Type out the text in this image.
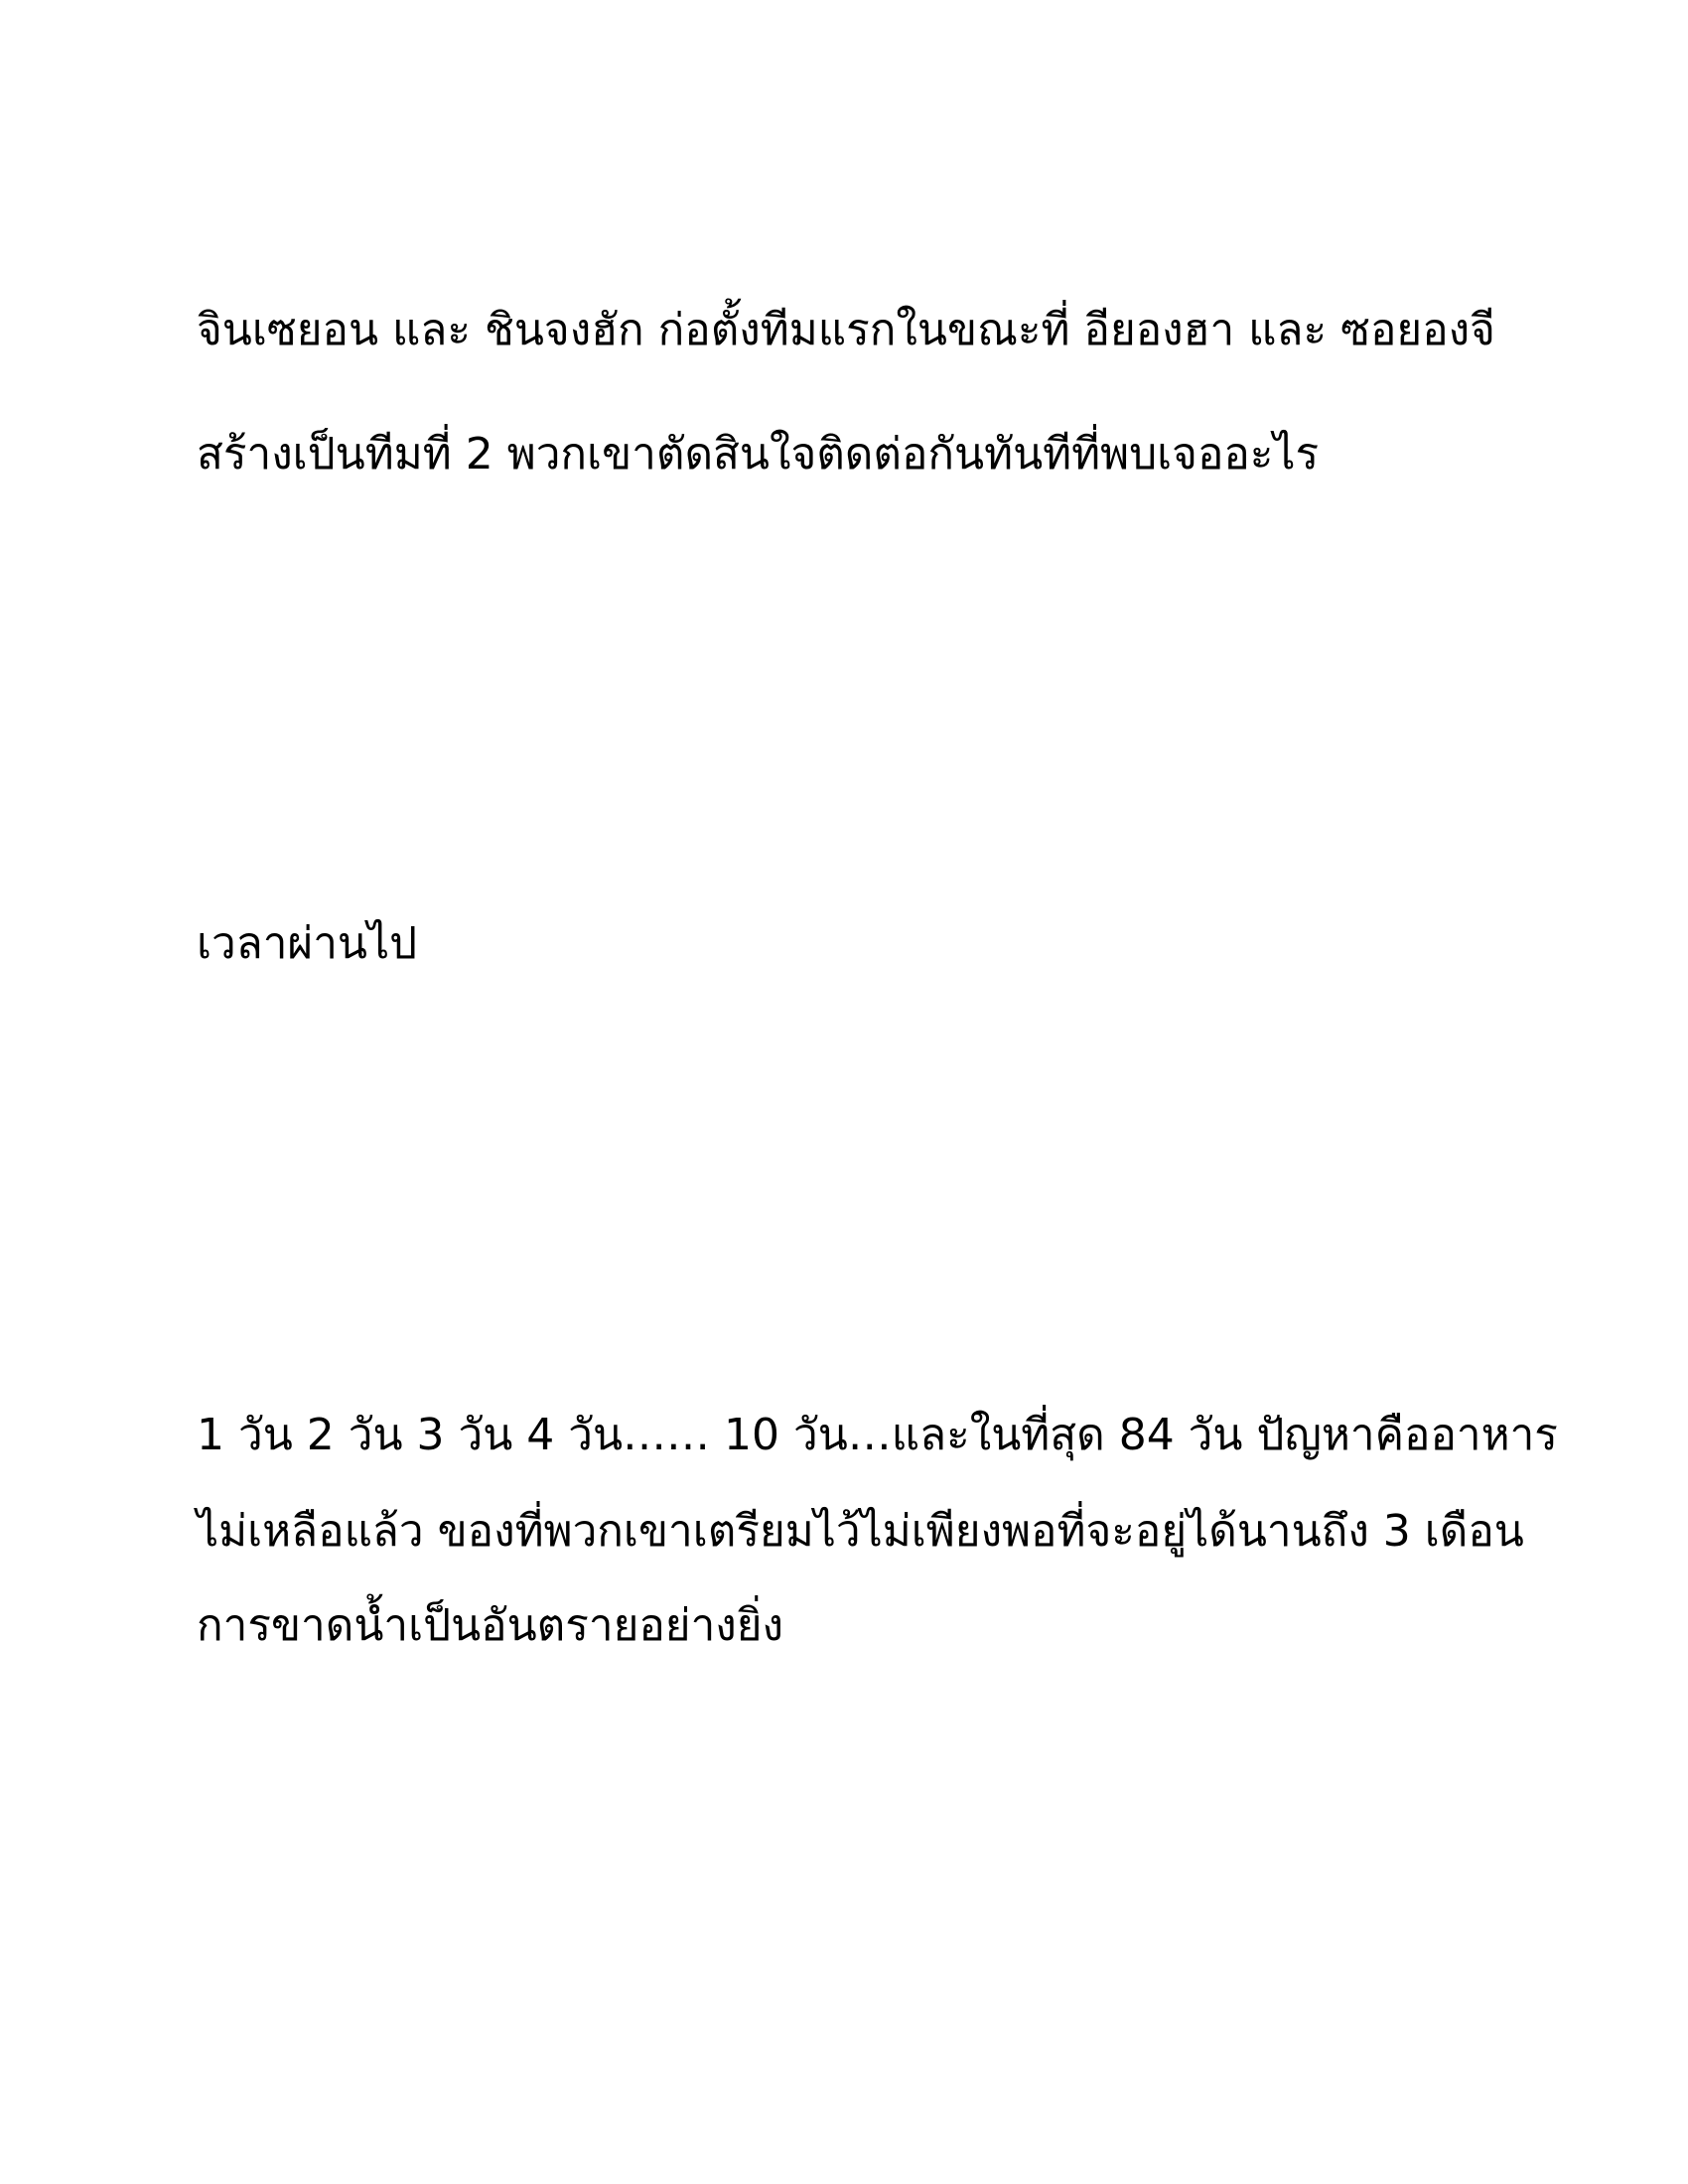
จินเซยอน และ ชินจงฮัก ก่อตั้งทีมแรกในขณะที่ อียองฮา และ ซอยองจี

สร้างเป็นทีมที่ 2 พวกเขาตัดสินใจติดต่อกันทันทีที่พบเจออะไร

เวลาผ่านไป

1 วัน 2 วัน 3 วัน 4 วัน…… 10 วัน…และในที่สุด 84 วัน ปัญหาคืออาหาร

ไม่เหลือแล้ว ของที่พวกเขาเตรียมไว้ไม่เพียงพอที่จะอยู่ได้นานถึง 3 เดือน

การขาดน้ำเป็นอันตรายอย่างยิ่ง
